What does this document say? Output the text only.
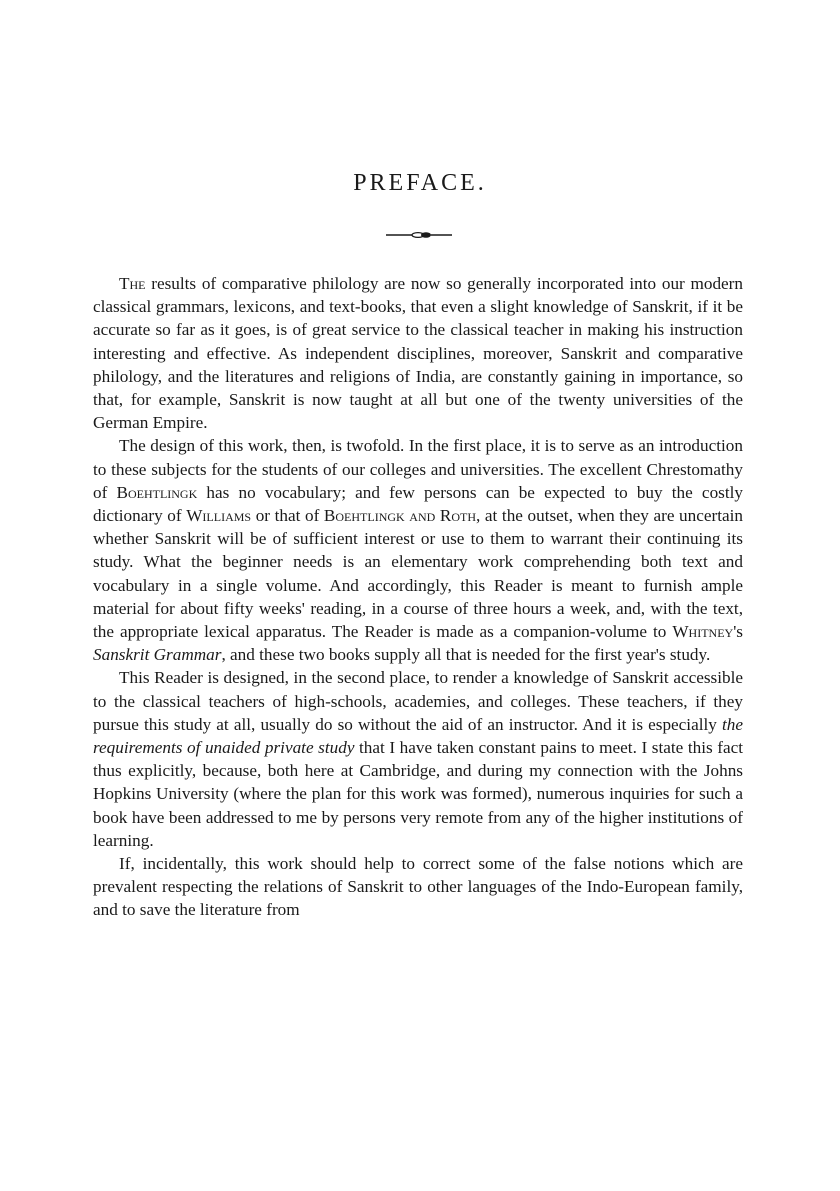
PREFACE.

The results of comparative philology are now so generally incorporated into our modern classical grammars, lexicons, and text-books, that even a slight knowledge of Sanskrit, if it be accurate so far as it goes, is of great service to the classical teacher in making his instruction interesting and effective. As independent disciplines, moreover, Sanskrit and comparative philology, and the literatures and religions of India, are constantly gaining in importance, so that, for example, Sanskrit is now taught at all but one of the twenty universities of the German Empire.

The design of this work, then, is twofold. In the first place, it is to serve as an introduction to these subjects for the students of our colleges and universities. The excellent Chrestomathy of Boehtlingk has no vocabulary; and few persons can be expected to buy the costly dictionary of Williams or that of Boehtlingk and Roth, at the outset, when they are uncertain whether Sanskrit will be of sufficient interest or use to them to warrant their continuing its study. What the beginner needs is an elementary work comprehending both text and vocabulary in a single volume. And accordingly, this Reader is meant to furnish ample material for about fifty weeks' reading, in a course of three hours a week, and, with the text, the appropriate lexical apparatus. The Reader is made as a companion-volume to Whitney's Sanskrit Grammar, and these two books supply all that is needed for the first year's study.

This Reader is designed, in the second place, to render a knowledge of Sanskrit accessible to the classical teachers of high-schools, academies, and colleges. These teachers, if they pursue this study at all, usually do so without the aid of an instructor. And it is especially the requirements of unaided private study that I have taken constant pains to meet. I state this fact thus explicitly, because, both here at Cambridge, and during my connection with the Johns Hopkins University (where the plan for this work was formed), numerous inquiries for such a book have been addressed to me by persons very remote from any of the higher institutions of learning.

If, incidentally, this work should help to correct some of the false notions which are prevalent respecting the relations of Sanskrit to other languages of the Indo-European family, and to save the literature from
